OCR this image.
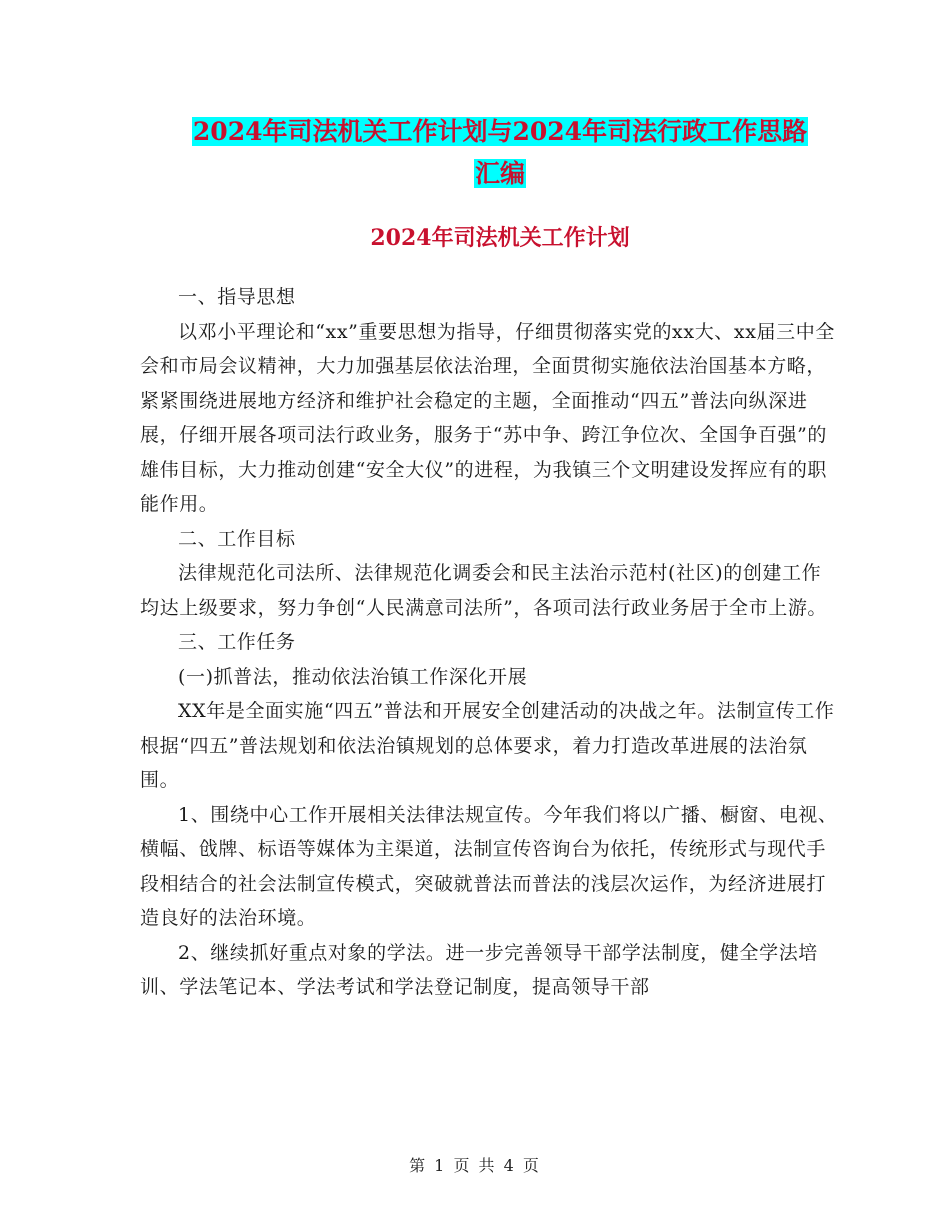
2024年司法机关工作计划与2024年司法行政工作思路
汇编
2024年司法机关工作计划

一、指导思想

以邓小平理论和“xx”重要思想为指导，仔细贯彻落实党的xx大、xx届三中全会和市局会议精神，大力加强基层依法治理，全面贯彻实施依法治国基本方略，紧紧围绕进展地方经济和维护社会稳定的主题，全面推动“四五”普法向纵深进展，仔细开展各项司法行政业务，服务于“苏中争、跨江争位次、全国争百强”的雄伟目标，大力推动创建“安全大仪”的进程，为我镇三个文明建设发挥应有的职能作用。

二、工作目标

法律规范化司法所、法律规范化调委会和民主法治示范村(社区)的创建工作均达上级要求，努力争创“人民满意司法所”，各项司法行政业务居于全市上游。

三、工作任务

(一)抓普法，推动依法治镇工作深化开展

XX年是全面实施“四五”普法和开展安全创建活动的决战之年。法制宣传工作根据“四五”普法规划和依法治镇规划的总体要求，着力打造改革进展的法治氛围。

1、围绕中心工作开展相关法律法规宣传。今年我们将以广播、橱窗、电视、横幅、戗牌、标语等媒体为主渠道，法制宣传咨询台为依托，传统形式与现代手段相结合的社会法制宣传模式，突破就普法而普法的浅层次运作，为经济进展打造良好的法治环境。

2、继续抓好重点对象的学法。进一步完善领导干部学法制度，健全学法培训、学法笔记本、学法考试和学法登记制度，提高领导干部

第 1 页 共 4 页
